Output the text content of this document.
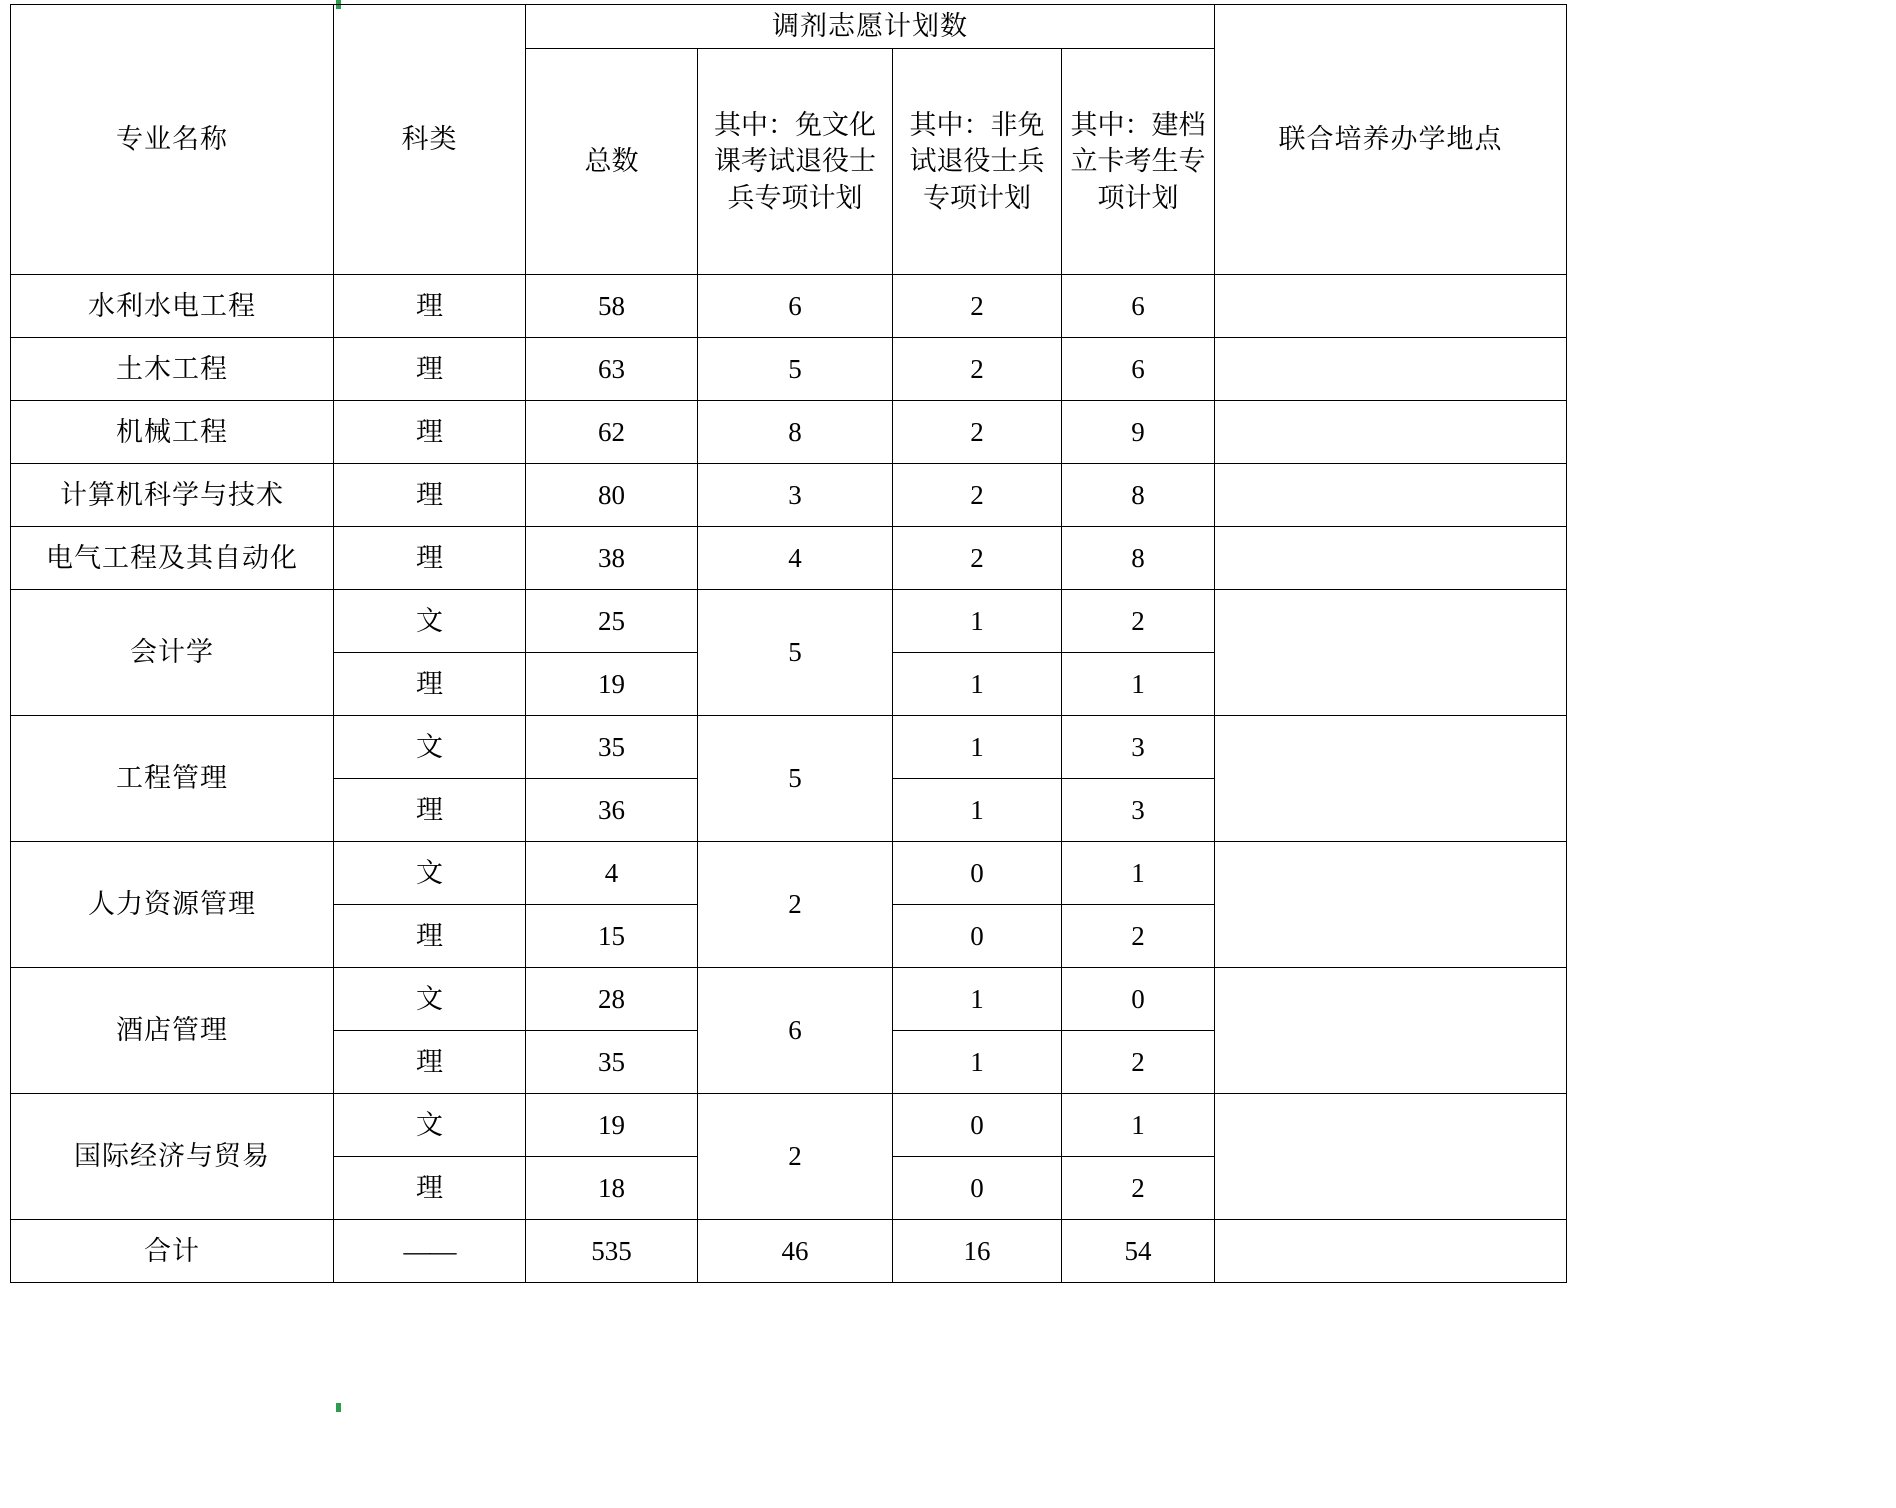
专业名称	科类	调剂志愿计划数				联合培养办学地点
		总数	其中：免文化课考试退役士兵专项计划	其中：非免试退役士兵专项计划	其中：建档立卡考生专项计划	
水利水电工程	理	58	6	2	6	
土木工程	理	63	5	2	6	
机械工程	理	62	8	2	9	
计算机科学与技术	理	80	3	2	8	
电气工程及其自动化	理	38	4	2	8	
会计学	文	25	5	1	2	
	理	19		1	1	
工程管理	文	35	5	1	3	
	理	36		1	3	
人力资源管理	文	4	2	0	1	
	理	15		0	2	
酒店管理	文	28	6	1	0	
	理	35		1	2	
国际经济与贸易	文	19	2	0	1	
	理	18		0	2	
合计	——	535	46	16	54	
